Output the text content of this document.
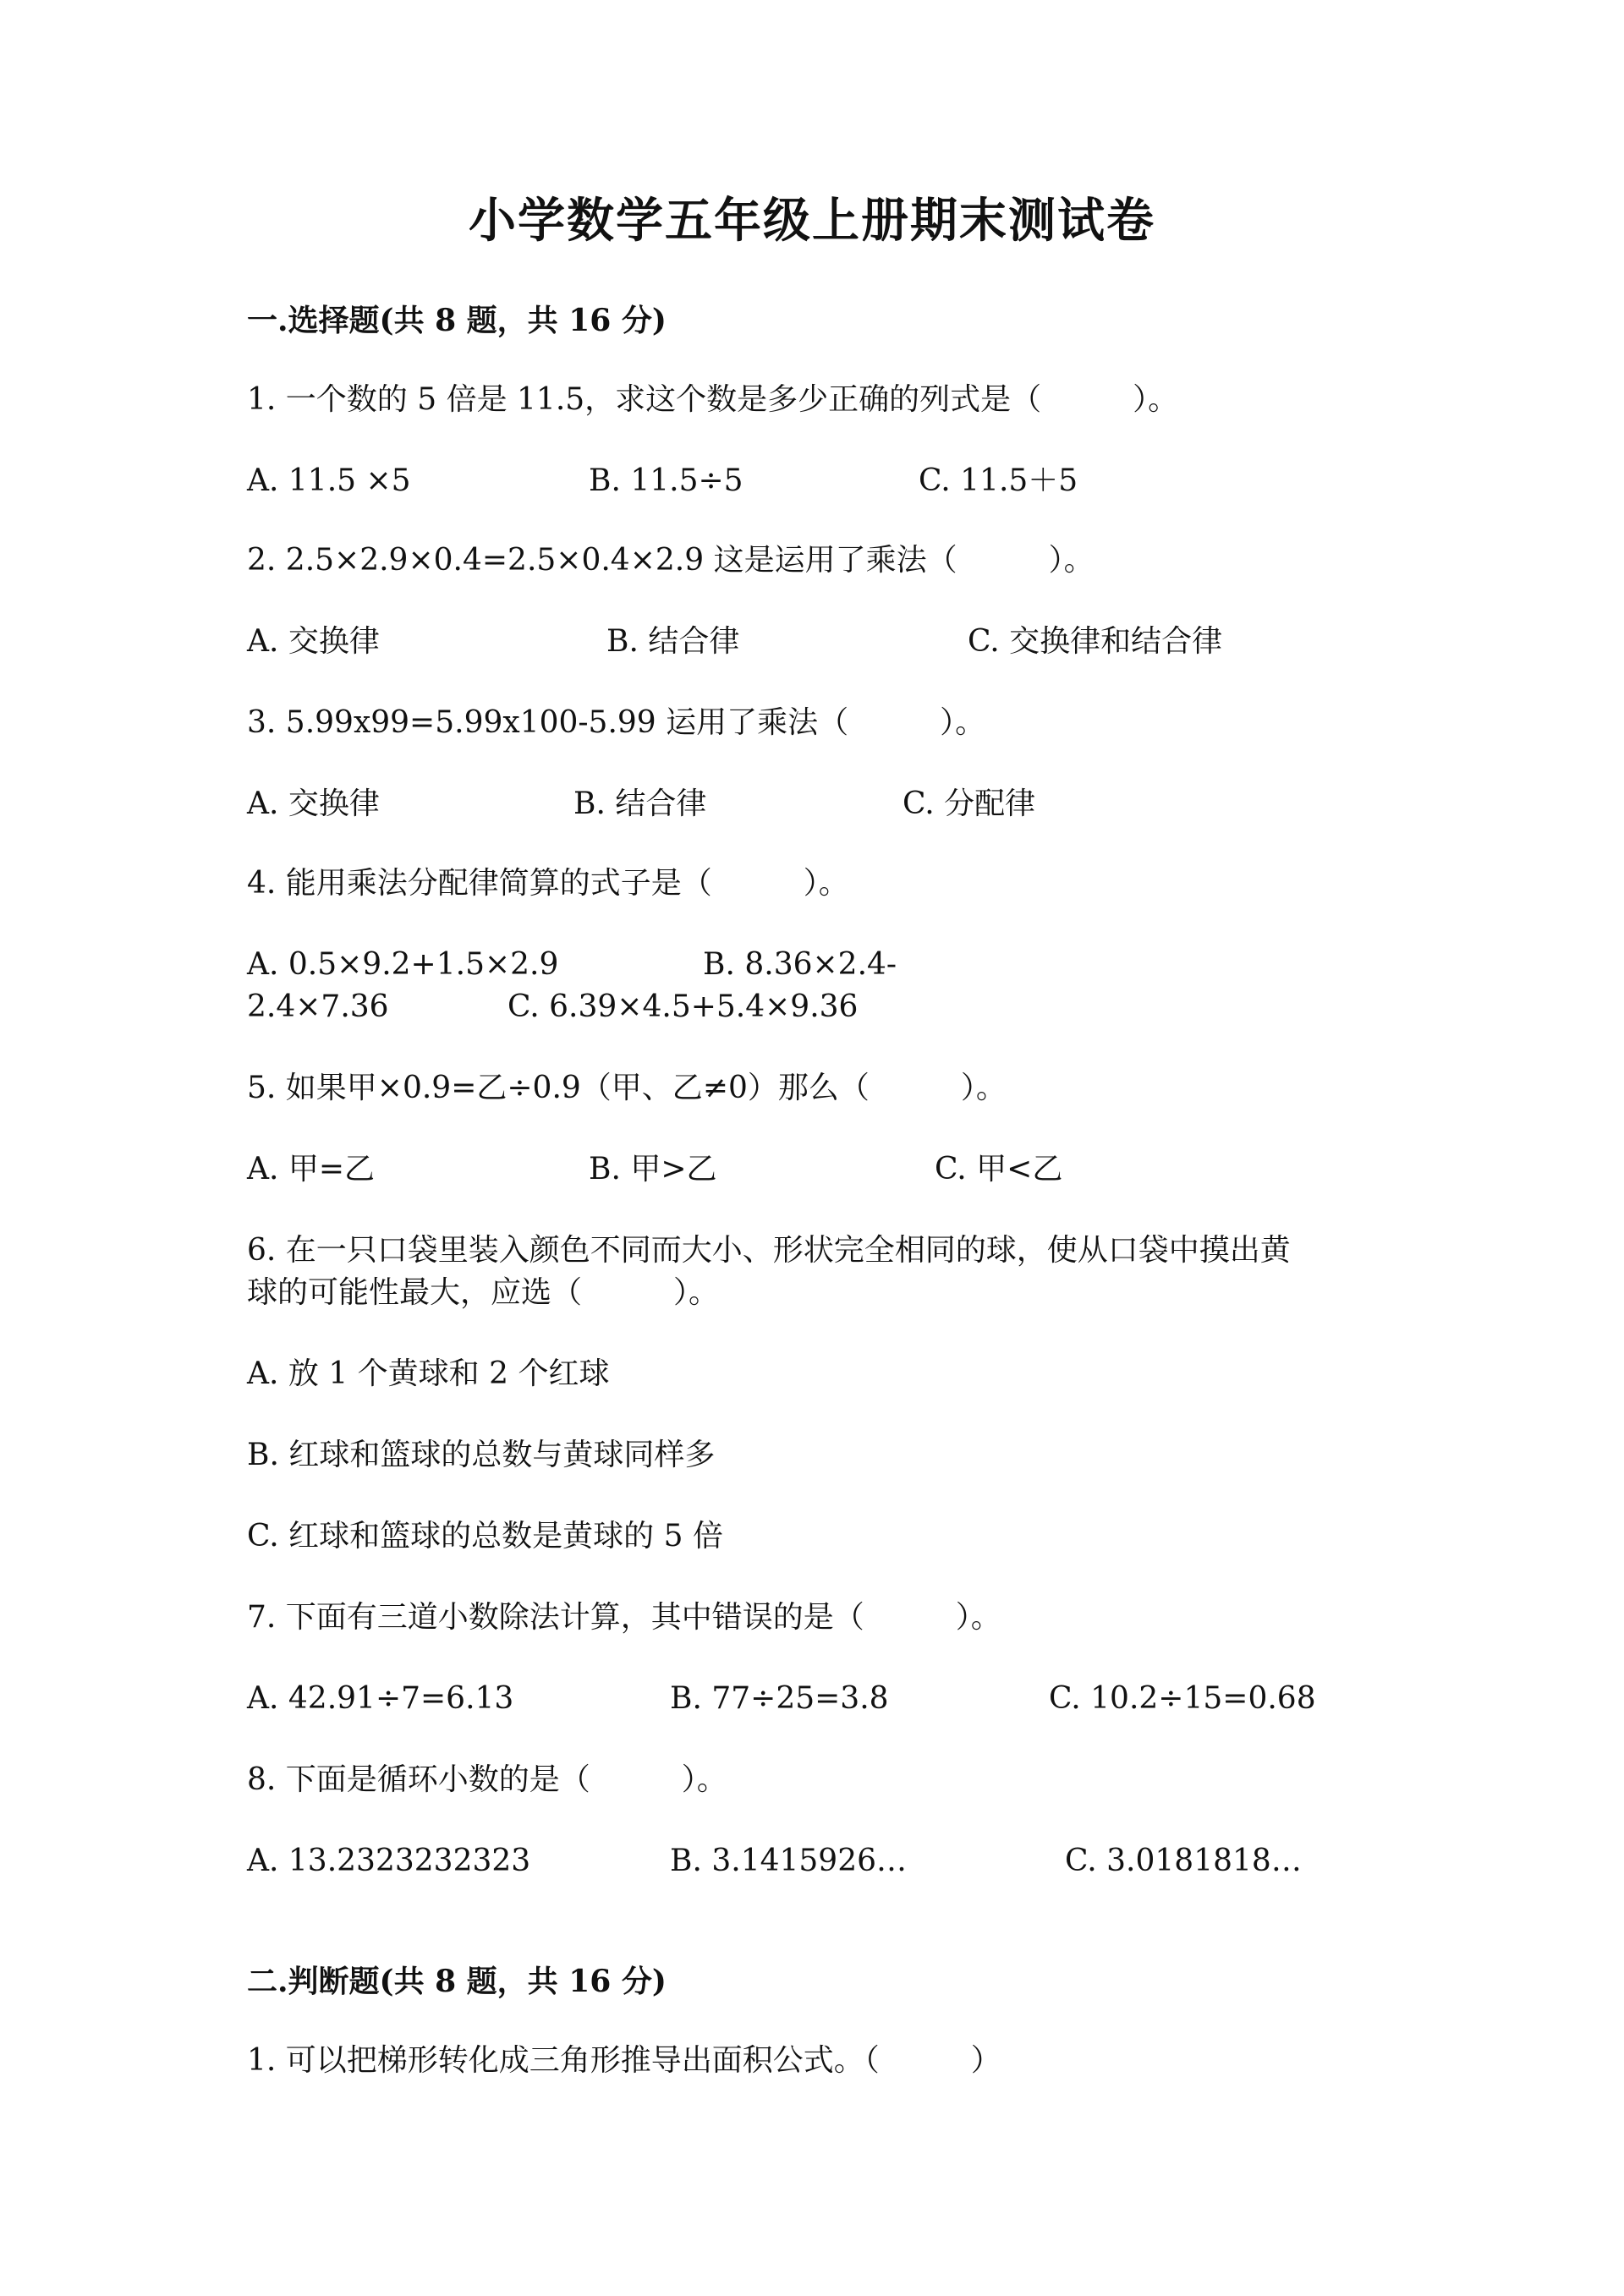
小学数学五年级上册期末测试卷
一.选择题(共 8 题，共 16 分)
1. 一个数的 5 倍是 11.5，求这个数是多少正确的列式是（　　　）。
A. 11.5 ×5	B. 11.5÷5	C. 11.5＋5
2. 2.5×2.9×0.4=2.5×0.4×2.9 这是运用了乘法（　　　）。
A. 交换律	B. 结合律	C. 交换律和结合律
3. 5.99x99=5.99x100-5.99 运用了乘法（　　　）。
A. 交换律	B. 结合律	C. 分配律
4. 能用乘法分配律简算的式子是（　　　）。
A. 0.5×9.2+1.5×2.9	B. 8.36×2.4-
2.4×7.36	C. 6.39×4.5+5.4×9.36
5. 如果甲×0.9=乙÷0.9（甲、乙≠0）那么（　　　）。
A. 甲=乙	B. 甲>乙	C. 甲<乙
6. 在一只口袋里装入颜色不同而大小、形状完全相同的球，使从口袋中摸出黄
球的可能性最大，应选（　　　）。
A. 放 1 个黄球和 2 个红球
B. 红球和篮球的总数与黄球同样多
C. 红球和篮球的总数是黄球的 5 倍
7. 下面有三道小数除法计算，其中错误的是（　　　）。
A. 42.91÷7=6.13	B. 77÷25=3.8	C. 10.2÷15=0.68
8. 下面是循环小数的是（　　　）。
A. 13.2323232323	B. 3.1415926…	C. 3.0181818…
二.判断题(共 8 题，共 16 分)
1. 可以把梯形转化成三角形推导出面积公式。（　　　）
